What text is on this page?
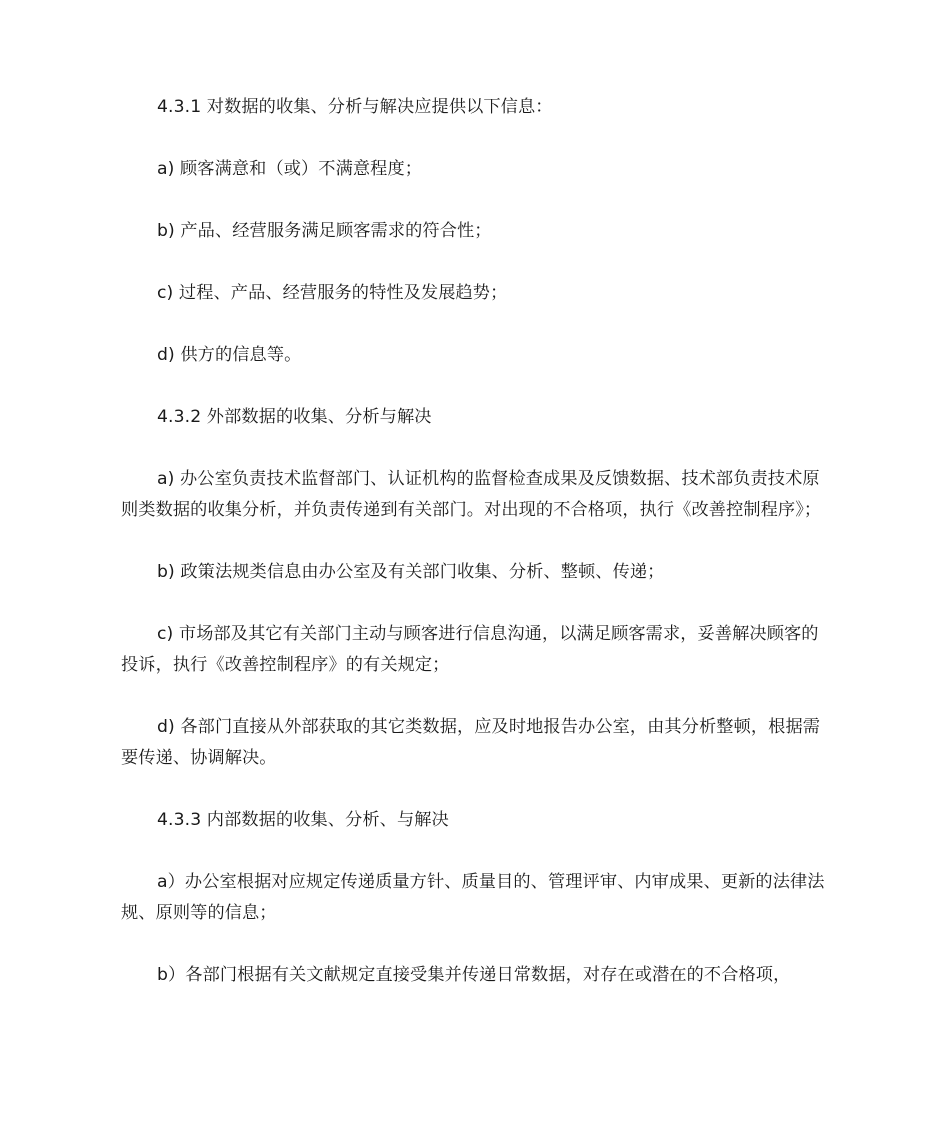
4.3.1 对数据的收集、分析与解决应提供以下信息：

a) 顾客满意和（或）不满意程度；

b) 产品、经营服务满足顾客需求的符合性；

c) 过程、产品、经营服务的特性及发展趋势；

d) 供方的信息等。

4.3.2 外部数据的收集、分析与解决

a) 办公室负责技术监督部门、认证机构的监督检查成果及反馈数据、技术部负责技术原则类数据的收集分析，并负责传递到有关部门。对出现的不合格项，执行《改善控制程序》；

b) 政策法规类信息由办公室及有关部门收集、分析、整顿、传递；

c) 市场部及其它有关部门主动与顾客进行信息沟通，以满足顾客需求，妥善解决顾客的投诉，执行《改善控制程序》的有关规定；

d) 各部门直接从外部获取的其它类数据，应及时地报告办公室，由其分析整顿，根据需要传递、协调解决。

4.3.3 内部数据的收集、分析、与解决

a）办公室根据对应规定传递质量方针、质量目的、管理评审、内审成果、更新的法律法规、原则等的信息；

b）各部门根据有关文献规定直接受集并传递日常数据，对存在或潜在的不合格项，
